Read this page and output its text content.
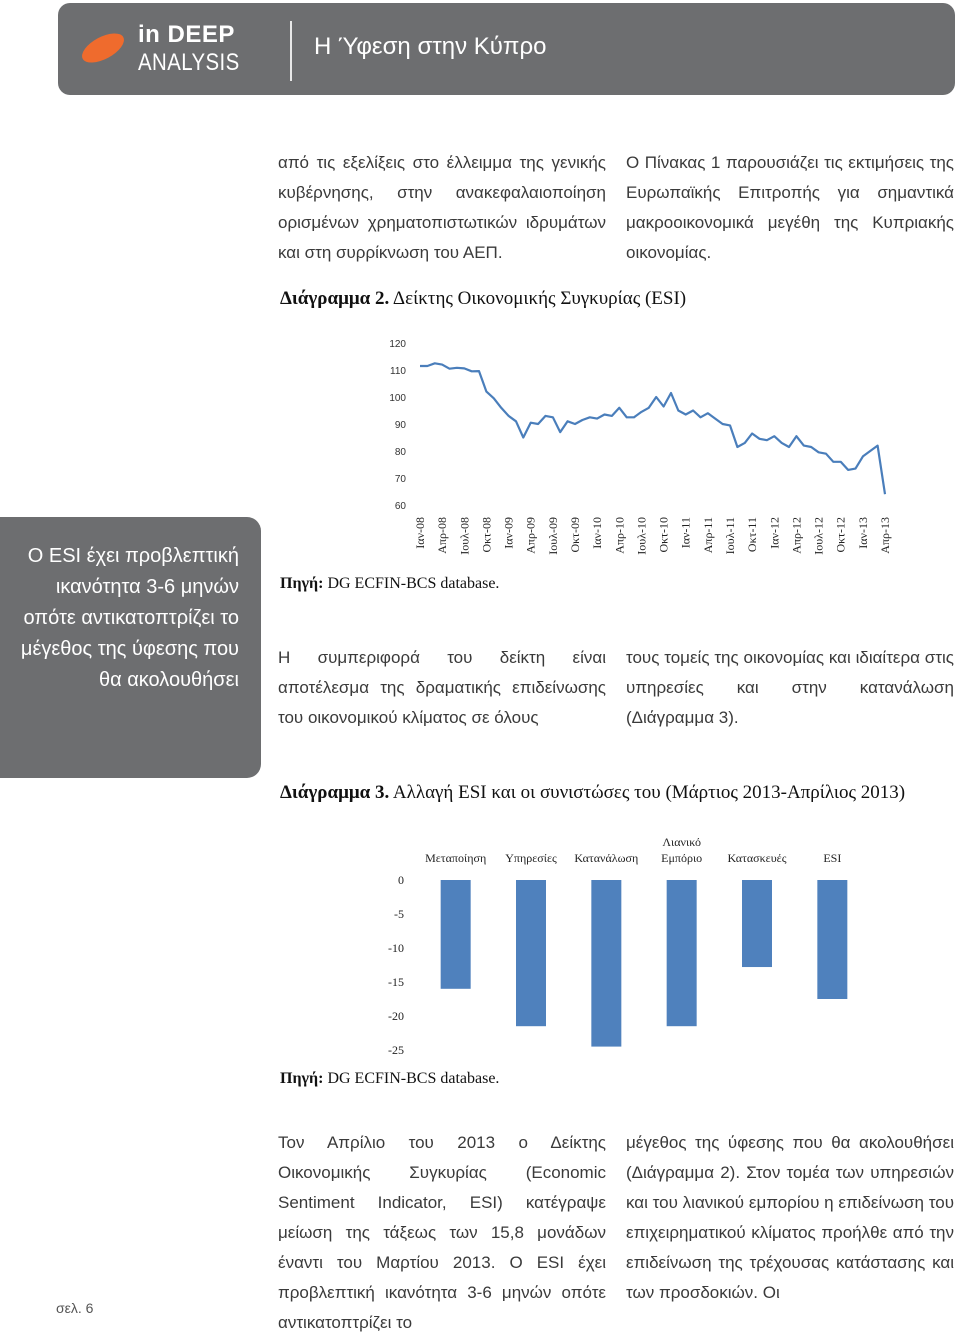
in DEEP
ANALYSIS
Η Ύφεση στην Κύπρο
από τις εξελίξεις στο έλλειμμα της γενικής κυβέρνησης, στην ανακεφαλαιοποίηση ορισμένων χρηματοπιστωτικών ιδρυμάτων και στη συρρίκνωση του ΑΕΠ.
Ο Πίνακας 1 παρουσιάζει τις εκτιμήσεις της Ευρωπαϊκής Επιτροπής για σημαντικά μακροοικονομικά μεγέθη της Κυπριακής οικονομίας.
Διάγραμμα 2. Δείκτης Οικονομικής Συγκυρίας (ESI)
60
70
80
90
100
110
120
Ιαν-08 Απρ-08 Ιουλ-08 Οκτ-08 Ιαν-09 Απρ-09 Ιουλ-09 Οκτ-09 Ιαν-10 Απρ-10 Ιουλ-10 Οκτ-10 Ιαν-11 Απρ-11 Ιουλ-11 Οκτ-11 Ιαν-12 Απρ-12 Ιουλ-12 Οκτ-12 Ιαν-13 Απρ-13
Πηγή: DG ECFIN-BCS database.
Ο ESI έχει προβλεπτική ικανότητα 3-6 μηνών οπότε αντικατοπτρίζει το μέγεθος της ύφεσης που θα ακολουθήσει
Η συμπεριφορά του δείκτη είναι αποτέλεσμα της δραματικής επιδείνωσης του οικονομικού κλίματος σε όλους
τους τομείς της οικονομίας και ιδιαίτερα στις υπηρεσίες και στην κατανάλωση (Διάγραμμα 3).
Διάγραμμα 3. Αλλαγή ESI και οι συνιστώσες του (Μάρτιος 2013-Απρίλιος 2013)
0
-5
-10
-15
-20
-25
Μεταποίηση Υπηρεσίες Κατανάλωση
Λιανικό
Εμπόριο Κατασκευές	ESI
Πηγή: DG ECFIN-BCS database.
Τον Απρίλιο του 2013 ο Δείκτης Οικονομικής Συγκυρίας (Economic Sentiment Indicator, ESI) κατέγραψε μείωση της τάξεως των 15,8 μονάδων έναντι του Μαρτίου 2013. Ο ESI έχει προβλεπτική ικανότητα 3-6 μηνών οπότε αντικατοπτρίζει το
μέγεθος της ύφεσης που θα ακολουθήσει (Διάγραμμα 2). Στον τομέα των υπηρεσιών και του λιανικού εμπορίου η επιδείνωση του επιχειρηματικού κλίματος προήλθε από την επιδείνωση της τρέχουσας κατάστασης και των προσδοκιών. Οι
σελ. 6
